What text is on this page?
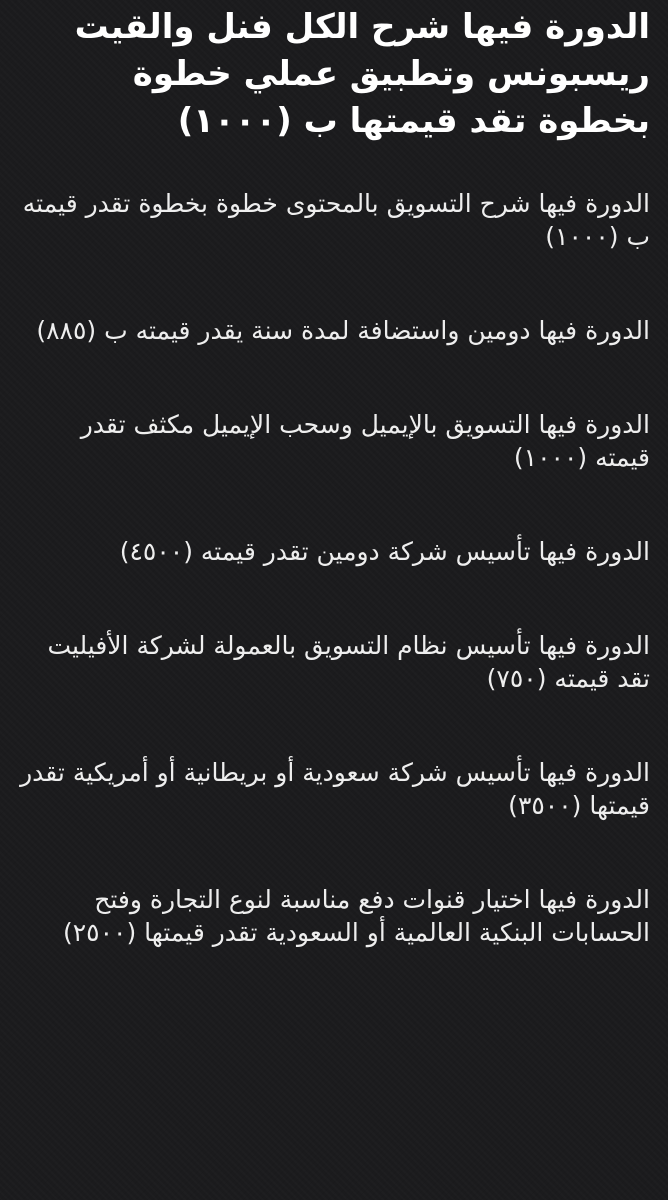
الدورة فيها شرح الكل فنل والقيت ريسبونس وتطبيق عملي خطوة بخطوة تقد قيمتها ب (١٠٠٠)
الدورة فيها شرح التسويق بالمحتوى خطوة بخطوة تقدر قيمته ب (١٠٠٠)
الدورة فيها دومين واستضافة لمدة سنة يقدر قيمته ب (٨٨٥)
الدورة فيها التسويق بالإيميل وسحب الإيميل مكثف تقدر قيمته (١٠٠٠)
الدورة فيها تأسيس شركة دومين تقدر قيمته (٤٥٠٠)
الدورة فيها تأسيس نظام التسويق بالعمولة لشركة الأفيليت تقد قيمته (٧٥٠)
الدورة فيها تأسيس شركة سعودية أو بريطانية أو أمريكية تقدر قيمتها (٣٥٠٠)
الدورة فيها اختيار قنوات دفع مناسبة لنوع التجارة وفتح الحسابات البنكية العالمية أو السعودية تقدر قيمتها (٢٥٠٠)
